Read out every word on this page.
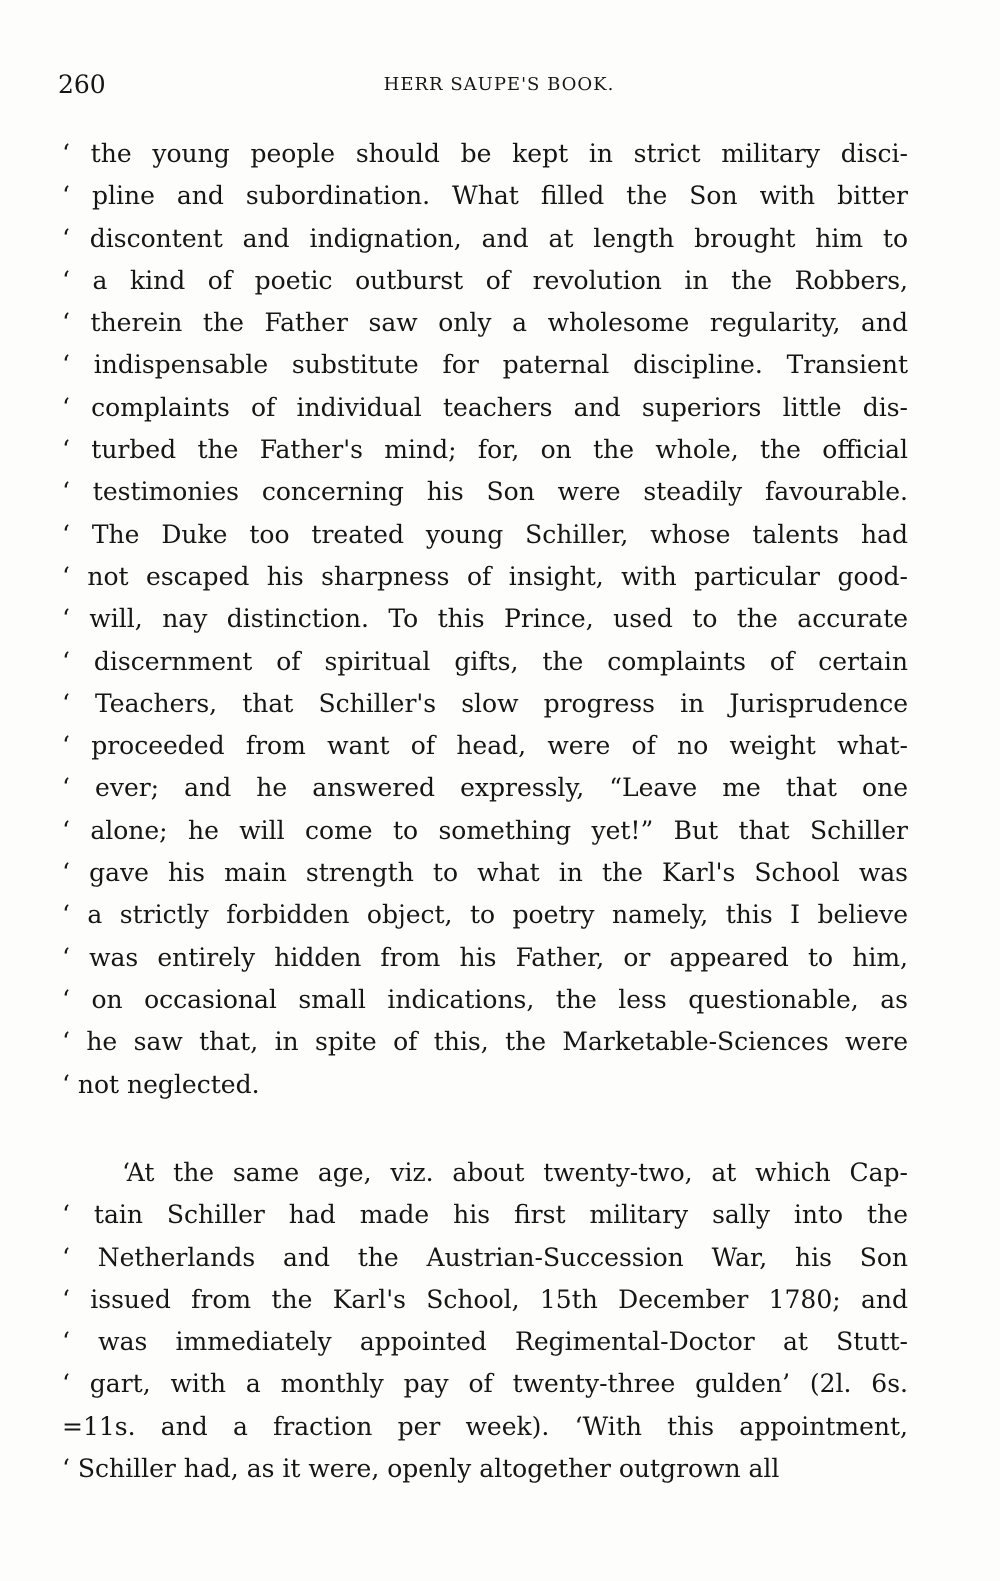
260	HERR SAUPE'S BOOK.
‘ the young people should be kept in strict military disci-
‘ pline and subordination. What filled the Son with bitter
‘ discontent and indignation, and at length brought him to
‘ a kind of poetic outburst of revolution in the Robbers,
‘ therein the Father saw only a wholesome regularity, and
‘ indispensable substitute for paternal discipline. Transient
‘ complaints of individual teachers and superiors little dis-
‘ turbed the Father's mind; for, on the whole, the official
‘ testimonies concerning his Son were steadily favourable.
‘ The Duke too treated young Schiller, whose talents had
‘ not escaped his sharpness of insight, with particular good-
‘ will, nay distinction. To this Prince, used to the accurate
‘ discernment of spiritual gifts, the complaints of certain
‘ Teachers, that Schiller's slow progress in Jurisprudence
‘ proceeded from want of head, were of no weight what-
‘ ever; and he answered expressly, “Leave me that one
‘ alone; he will come to something yet!” But that Schiller
‘ gave his main strength to what in the Karl's School was
‘ a strictly forbidden object, to poetry namely, this I believe
‘ was entirely hidden from his Father, or appeared to him,
‘ on occasional small indications, the less questionable, as
‘ he saw that, in spite of this, the Marketable-Sciences were
‘ not neglected.
‘At the same age, viz. about twenty-two, at which Cap-
‘ tain Schiller had made his first military sally into the
‘ Netherlands and the Austrian-Succession War, his Son
‘ issued from the Karl's School, 15th December 1780; and
‘ was immediately appointed Regimental-Doctor at Stutt-
‘ gart, with a monthly pay of twenty-three gulden’ (2l. 6s.
=11s. and a fraction per week). ‘With this appointment,
‘ Schiller had, as it were, openly altogether outgrown all
